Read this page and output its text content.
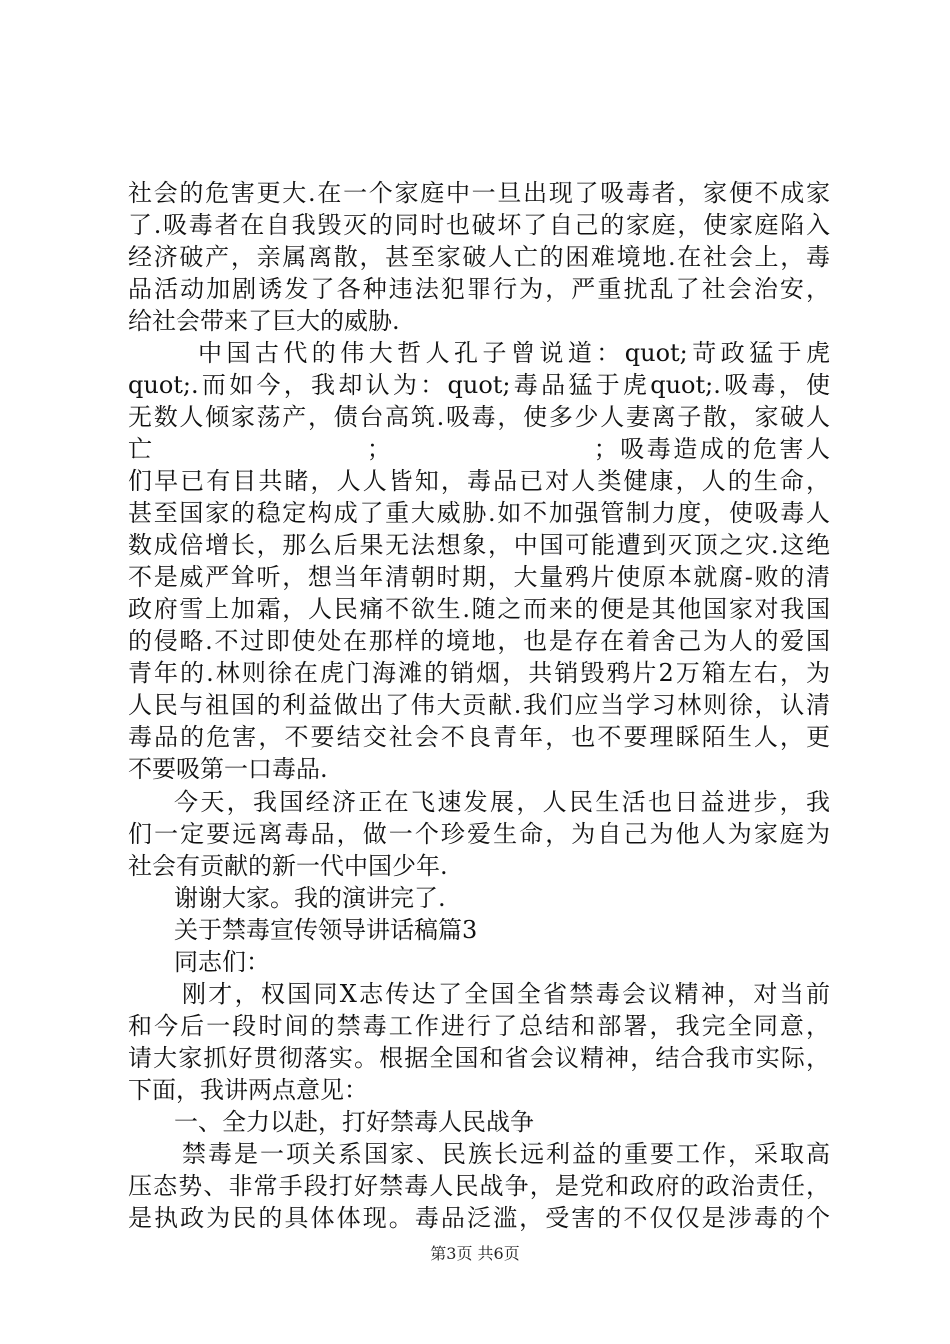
社会的危害更大.在一个家庭中一旦出现了吸毒者，家便不成家
了.吸毒者在自我毁灭的同时也破坏了自己的家庭，使家庭陷入
经济破产，亲属离散，甚至家破人亡的困难境地.在社会上，毒
品活动加剧诱发了各种违法犯罪行为，严重扰乱了社会治安，
给社会带来了巨大的威胁.
中国古代的伟大哲人孔子曾说道：quot;苛政猛于虎
quot;.而如今，我却认为：quot;毒品猛于虎quot;.吸毒，使
无数人倾家荡产，债台高筑.吸毒，使多少人妻离子散，家破人
亡　　　　　　　　；　　　　　　　　；吸毒造成的危害人
们早已有目共睹，人人皆知，毒品已对人类健康，人的生命，
甚至国家的稳定构成了重大威胁.如不加强管制力度，使吸毒人
数成倍增长，那么后果无法想象，中国可能遭到灭顶之灾.这绝
不是威严耸听，想当年清朝时期，大量鸦片使原本就腐-败的清
政府雪上加霜，人民痛不欲生.随之而来的便是其他国家对我国
的侵略.不过即使处在那样的境地，也是存在着舍己为人的爱国
青年的.林则徐在虎门海滩的销烟，共销毁鸦片2万箱左右，为
人民与祖国的利益做出了伟大贡献.我们应当学习林则徐，认清
毒品的危害，不要结交社会不良青年，也不要理睬陌生人，更
不要吸第一口毒品.
今天，我国经济正在飞速发展，人民生活也日益进步，我
们一定要远离毒品，做一个珍爱生命，为自己为他人为家庭为
社会有贡献的新一代中国少年.
谢谢大家。我的演讲完了.
关于禁毒宣传领导讲话稿篇3
同志们：
刚才，权国同X志传达了全国全省禁毒会议精神，对当前
和今后一段时间的禁毒工作进行了总结和部署，我完全同意，
请大家抓好贯彻落实。根据全国和省会议精神，结合我市实际，
下面，我讲两点意见：
一、全力以赴，打好禁毒人民战争
禁毒是一项关系国家、民族长远利益的重要工作，采取高
压态势、非常手段打好禁毒人民战争，是党和政府的政治责任，
是执政为民的具体体现。毒品泛滥，受害的不仅仅是涉毒的个
第3页 共6页
